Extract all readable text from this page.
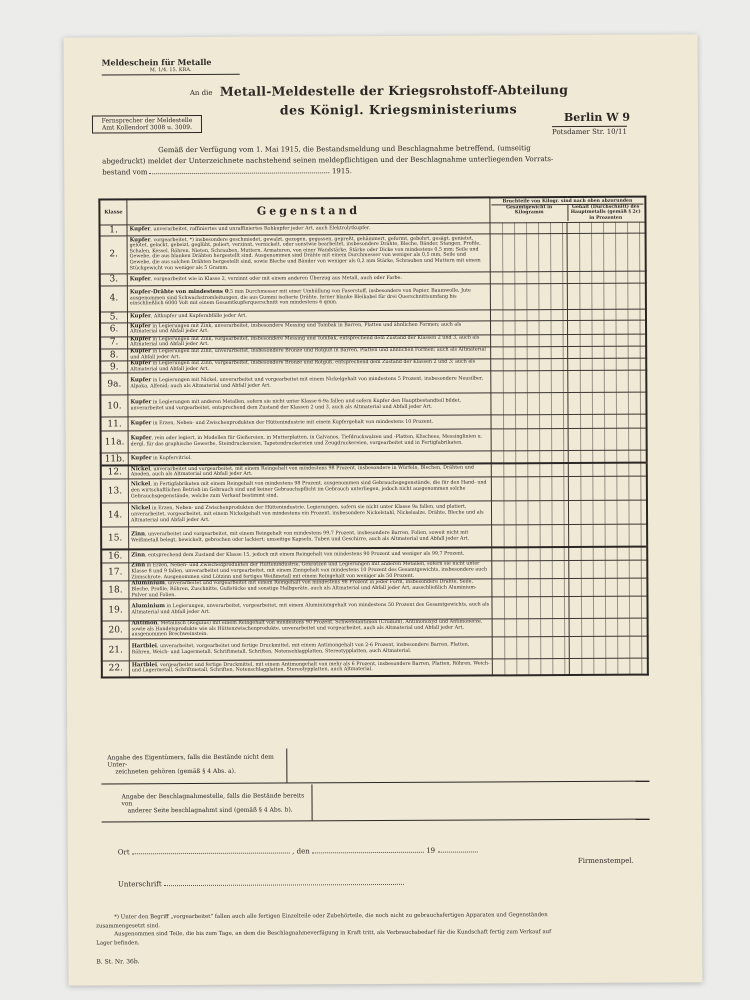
Meldeschein für Metalle
M. 1/4. 15. KRA.
An die Metall-Meldestelle der Kriegsrohstoff-Abteilung
des Königl. Kriegsministeriums
Fernsprecher der Meldestelle
Amt Kollendorf 3008 u. 3009.
Berlin W 9
Potsdamer Str. 10/11
Gemäß der Verfügung vom 1. Mai 1915, die Bestandsmeldung und Beschlagnahme betreffend, (umseitig
abgedruckt) meldet der Unterzeichnete nachstehend seinen meldepflichtigen und der Beschlagnahme unterliegenden Vorrats-
bestand vom	1915.
Klasse	Gegenstand	Bruchteile von Kilogr. sind nach oben abzurunden
Gesamtgewicht in Kilogramm
Gehalt (Durchschnitt) des Hauptmetalls (gemäß § 2c) in Prozenten	

1.	Kupfer, unverarbeitet, raffiniertes und unraffiniertes Rohkupfer jeder Art, auch Elektrolytkupfer.		
2.	Kupfer, vorgearbeitet, *) insbesondere geschmiedet, gewalzt, gezogen, gegossen, gepreßt, gehämmert, geformt, gebohrt, gesägt, genietet, gelötet, gelackt, gebeizt, geglüht, poliert, verzinnt, vernickelt, oder sonstwie bearbeitet, insbesondere Drähte, Bleche, Bänder, Stangen, Profile, Schalen, Kessel, Röhren, Nieten, Schrauben, Muttern, Armaturen, von einer Wandstärke, Stärke oder Dicke von mindestens 0,5 mm; Seile und Gewebe, die aus blanken Drähten hergestellt sind. Ausgenommen sind Drähte mit einem Durchmesser von weniger als 0,5 mm, Seile und Gewebe, die aus solchen Drähten hergestellt sind, sowie Bleche und Bänder von weniger als 0,2 mm Stärke, Schrauben und Muttern mit einem Stückgewicht von weniger als 5 Gramm.		
3.	Kupfer, vorgearbeitet wie in Klasse 2, verzinnt oder mit einem anderen Überzug aus Metall, auch oder Farbe.		
4.	Kupfer-Drähte von mindestens 0,5 mm Durchmesser mit einer Umhüllung von Faserstoff, insbesondere von Papier, Baumwolle, Jute ausgenommen sind Schwachstromleitungen, die aus Gummi isolierte Drähte, ferner blanke Bleikabel für drei Querschnittsumfang bis einschließlich 6000 Volt mit einem Gesamtkupferquerschnitt von mindestens 6 qmm.		
5.	Kupfer, Altkupfer und Kupferabfälle jeder Art.		
6.	Kupfer in Legierungen mit Zink, unverarbeitet, insbesondere Messing und Tombak in Barren, Platten und ähnlichen Formen; auch als Altmaterial und Abfall jeder Art.		
7.	Kupfer in Legierungen mit Zink, vorgearbeitet, insbesondere Messing und Tombak, entsprechend dem Zustand der Klassen 2 und 3, auch als Altmaterial und Abfall jeder Art.		
8.	Kupfer in Legierungen mit Zinn, unverarbeitet, insbesondere Bronze und Rotguß in Barren, Platten und ähnlichen Formen; auch als Altmaterial und Abfall jeder Art.		
9.	Kupfer in Legierungen mit Zinn, vorgearbeitet, insbesondere Bronze und Rotguß, entsprechend dem Zustand der Klassen 2 und 3; auch als Altmaterial und Abfall jeder Art.		
9a.	Kupfer in Legierungen mit Nickel, unverarbeitet und vorgearbeitet mit einem Nickelgehalt von mindestens 5 Prozent, insbesondere Neusilber, Alpaka, Alfenid; auch als Altmaterial und Abfall jeder Art.		
10.	Kupfer in Legierungen mit anderen Metallen, sofern sie nicht unter Klasse 6-9a fallen und sofern Kupfer den Hauptbestandteil bildet, unverarbeitet und vorgearbeitet, entsprechend dem Zustand der Klassen 2 und 3, auch als Altmaterial und Abfall jeder Art.		
11.	Kupfer in Erzen, Neben- und Zwischenprodukten der Hüttenindustrie mit einem Kupfergehalt von mindestens 10 Prozent.		
11a.	Kupfer, rein oder legiert, in Modellen für Gießereien, in Mutterplatten, in Galvanos, Tiefdruckwalzen und -Platten, Klischees, Messinglinien u. dergl. für das graphische Gewerbe, Steindruckereien, Tapetendruckereien und Zeugdruckereien, vorgearbeitet und in Fertigfabrikaten.		
11b.	Kupfer in Kupfervitriol.		
12.	Nickel, unverarbeitet und vorgearbeitet, mit einem Reingehalt von mindestens 98 Prozent, insbesondere in Würfeln, Blechen, Drähten und Anoden, auch als Altmaterial und Abfall jeder Art.		
13.	Nickel, in Fertigfabrikaten mit einem Reingehalt von mindestens 98 Prozent, ausgenommen sind Gebrauchsgegenstände, die für den Hand- und den wirtschaftlichen Betrieb im Gebrauch sind und keiner Gebrauchspflicht im Gebrauch unterliegen, jedoch nicht ausgenommen solche Gebrauchsgegenstände, welche zum Verkauf bestimmt sind.		
14.	Nickel in Erzen, Neben- und Zwischenprodukten der Hüttenindustrie, Legierungen, sofern sie nicht unter Klasse 9a fallen, und platiert, unverarbeitet, vorgearbeitet, mit einem Nickelgehalt von mindestens ein Prozent, insbesondere Nickelstahl, Nickelsalze, Drähte, Bleche und als Altmaterial und Abfall jeder Art.		
15.	Zinn, unverarbeitet und vorgearbeitet, mit einem Reingehalt von mindestens 99,7 Prozent, insbesondere Barren, Folien, soweit nicht mit Weißmetall belegt, bewickelt, gebrochen oder lackiert; umseitige Kapseln, Tuben und Geschirre, auch als Altmaterial und Abfall jeder Art.		
16.	Zinn, entsprechend dem Zustand der Klasse 15, jedoch mit einem Reingehalt von mindestens 90 Prozent und weniger als 99,7 Prozent.		
17.	Zinn in Erzen, Neben- und Zwischenprodukten der Hüttenindustrie, Gekrätzen und Legierungen mit anderen Metallen, sofern sie nicht unter Klasse 8 und 9 fallen, unverarbeitet und vorgearbeitet, mit einem Zinngehalt von mindestens 10 Prozent des Gesamtgewichts, insbesondere auch Zinnschrote. Ausgenommen sind Lötzinn und fertiges Weißmetall mit einem Reingehalt von weniger als 50 Prozent.		
18.	Aluminium, unverarbeitet und vorgearbeitet mit einem Reingehalt von mindestens 98 Prozent in jeder Form, insbesondere Drähte, Seile, Bleche, Profile, Röhren, Zuschnitte, Gußstücke und sonstige Halbgeräte, auch als Altmaterial und Abfall jeder Art, ausschließlich Aluminium-Pulver und Folien.		
19.	Aluminium in Legierungen, unverarbeitet, vorgearbeitet, mit einem Aluminiumgehalt von mindestens 50 Prozent des Gesamtgewichts, auch als Altmaterial und Abfall jeder Art.		
20.	Antimon, Metallisch (Regulus) mit einem Reingehalt von mindestens 90 Prozent, Schwefelantimon (Crudum), Antimonoxyd und Antimonerze, sowie als Handelsprodukte wie als Hüttenzwischenprodukte, unverarbeitet und vorgearbeitet, auch als Altmaterial und Abfall jeder Art, ausgenommen Brechweinstein.		
21.	Hartblei, unverarbeitet, vorgearbeitet und fertige Druckmittel, mit einem Antimongehalt von 2-6 Prozent, insbesondere Barren, Platten, Röhren, Weich- und Lagermetall, Schriftmetall, Schriften, Notenschlagplatten, Stereotypplatten, auch Altmaterial.		
22.	Hartblei, vorgearbeitet und fertige Druckmittel, mit einem Antimongehalt von mehr als 6 Prozent, insbesondere Barren, Platten, Röhren, Weich- und Lagermetall, Schriftmetall, Schriften, Notenschlagplatten, Stereotypplatten, auch Altmaterial.		
Angabe des Eigentümers, falls die Bestände nicht dem Unter-
zeichneten gehören (gemäß § 4 Abs. a).
Angabe der Beschlagnahmestelle, falls die Bestände bereits von
anderer Seite beschlagnahmt sind (gemäß § 4 Abs. b).
Ort	, den	19
Firmenstempel.
Unterschrift
*) Unter den Begriff „vorgearbeitet“ fallen auch alle fertigen Einzelteile oder Zubehörteile, die noch nicht zu gebrauchsfertigen Apparaten und Gegenständen
zusammengesetzt sind.
Ausgenommen sind Teile, die bis zum Tage, an dem die Beschlagnahmeverfügung in Kraft tritt, als Verbrauchsbedarf für die Kundschaft fertig zum Verkauf auf
Lager befinden.
B. St. Nr. 36b.
